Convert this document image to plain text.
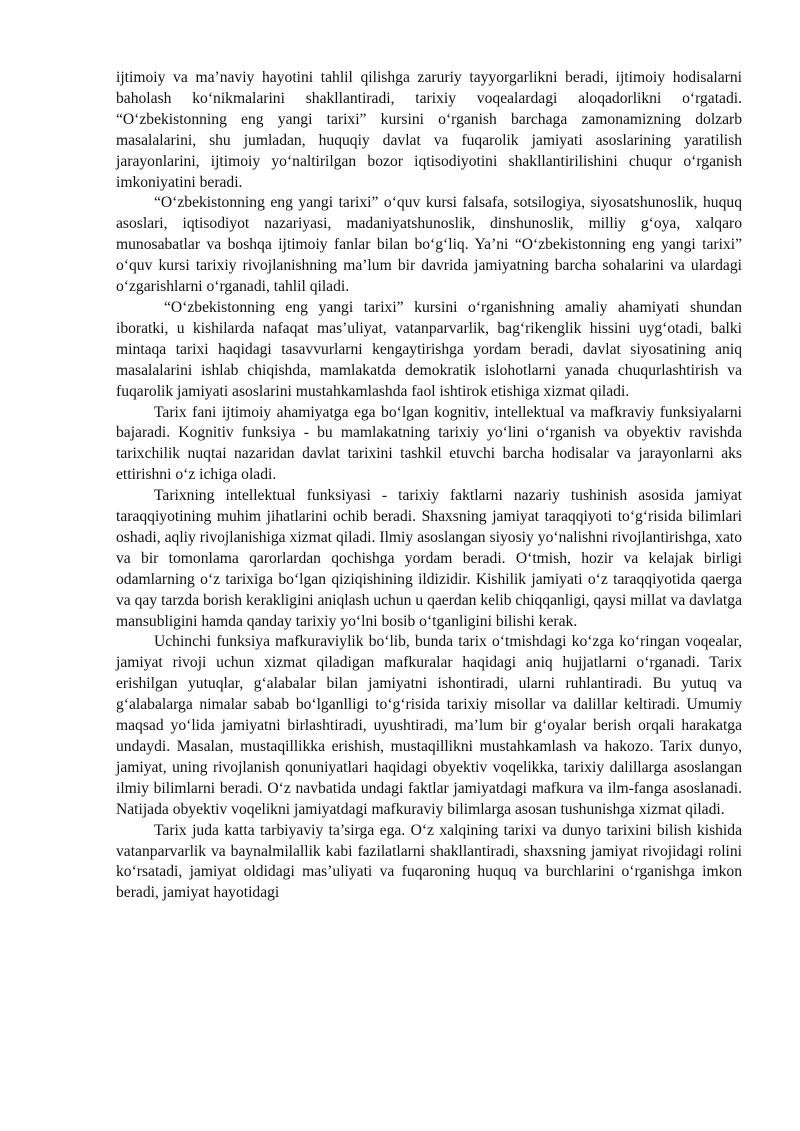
ijtimoiy va ma’naviy hayotini tahlil qilishga zaruriy tayyorgarlikni beradi, ijtimoiy hodisalarni baholash ko‘nikmalarini shakllantiradi, tarixiy voqealardagi aloqadorlikni o‘rgatadi. “O‘zbekistonning eng yangi tarixi” kursini o‘rganish barchaga zamonamizning dolzarb masalalarini, shu jumladan, huquqiy davlat va fuqarolik jamiyati asoslarining yaratilish jarayonlarini, ijtimoiy yo‘naltirilgan bozor iqtisodiyotini shakllantirilishini chuqur o‘rganish imkoniyatini beradi.

“O‘zbekistonning eng yangi tarixi” o‘quv kursi falsafa, sotsilogiya, siyosatshunoslik, huquq asoslari, iqtisodiyot nazariyasi, madaniyatshunoslik, dinshunoslik, milliy g‘oya, xalqaro munosabatlar va boshqa ijtimoiy fanlar bilan bo‘g‘liq. Ya’ni “O‘zbekistonning eng yangi tarixi” o‘quv kursi tarixiy rivojlanishning ma’lum bir davrida jamiyatning barcha sohalarini va ulardagi o‘zgarishlarni o‘rganadi, tahlil qiladi.

“O‘zbekistonning eng yangi tarixi” kursini o‘rganishning amaliy ahamiyati shundan iboratki, u kishilarda nafaqat mas’uliyat, vatanparvarlik, bag‘rikenglik hissini uyg‘otadi, balki mintaqa tarixi haqidagi tasavvurlarni kengaytirishga yordam beradi, davlat siyosatining aniq masalalarini ishlab chiqishda, mamlakatda demokratik islohotlarni yanada chuqurlashtirish va fuqarolik jamiyati asoslarini mustahkamlashda faol ishtirok etishiga xizmat qiladi.

Tarix fani ijtimoiy ahamiyatga ega bo‘lgan kognitiv, intellektual va mafkraviy funksiyalarni bajaradi. Kognitiv funksiya - bu mamlakatning tarixiy yo‘lini o‘rganish va obyektiv ravishda tarixchilik nuqtai nazaridan davlat tarixini tashkil etuvchi barcha hodisalar va jarayonlarni aks ettirishni o‘z ichiga oladi.

Tarixning intellektual funksiyasi - tarixiy faktlarni nazariy tushinish asosida jamiyat taraqqiyotining muhim jihatlarini ochib beradi. Shaxsning jamiyat taraqqiyoti to‘g‘risida bilimlari oshadi, aqliy rivojlanishiga xizmat qiladi. Ilmiy asoslangan siyosiy yo‘nalishni rivojlantirishga, xato va bir tomonlama qarorlardan qochishga yordam beradi. O‘tmish, hozir va kelajak birligi odamlarning o‘z tarixiga bo‘lgan qiziqishining ildizidir. Kishilik jamiyati o‘z taraqqiyotida qaerga va qay tarzda borish kerakligini aniqlash uchun u qaerdan kelib chiqqanligi, qaysi millat va davlatga mansubligini hamda qanday tarixiy yo‘lni bosib o‘tganligini bilishi kerak.

Uchinchi funksiya mafkuraviylik bo‘lib, bunda tarix o‘tmishdagi ko‘zga ko‘ringan voqealar, jamiyat rivoji uchun xizmat qiladigan mafkuralar haqidagi aniq hujjatlarni o‘rganadi. Tarix erishilgan yutuqlar, g‘alabalar bilan jamiyatni ishontiradi, ularni ruhlantiradi. Bu yutuq va g‘alabalarga nimalar sabab bo‘lganlligi to‘g‘risida tarixiy misollar va dalillar keltiradi. Umumiy maqsad yo‘lida jamiyatni birlashtiradi, uyushtiradi, ma’lum bir g‘oyalar berish orqali harakatga undaydi. Masalan, mustaqillikka erishish, mustaqillikni mustahkamlash va hakozo. Tarix dunyo, jamiyat, uning rivojlanish qonuniyatlari haqidagi obyektiv voqelikka, tarixiy dalillarga asoslangan ilmiy bilimlarni beradi. O‘z navbatida undagi faktlar jamiyatdagi mafkura va ilm-fanga asoslanadi. Natijada obyektiv voqelikni jamiyatdagi mafkuraviy bilimlarga asosan tushunishga xizmat qiladi.

Tarix juda katta tarbiyaviy ta’sirga ega. O‘z xalqining tarixi va dunyo tarixini bilish kishida vatanparvarlik va baynalmilallik kabi fazilatlarni shakllantiradi, shaxsning jamiyat rivojidagi rolini ko‘rsatadi, jamiyat oldidagi mas’uliyati va fuqaroning huquq va burchlarini o‘rganishga imkon beradi, jamiyat hayotidagi
